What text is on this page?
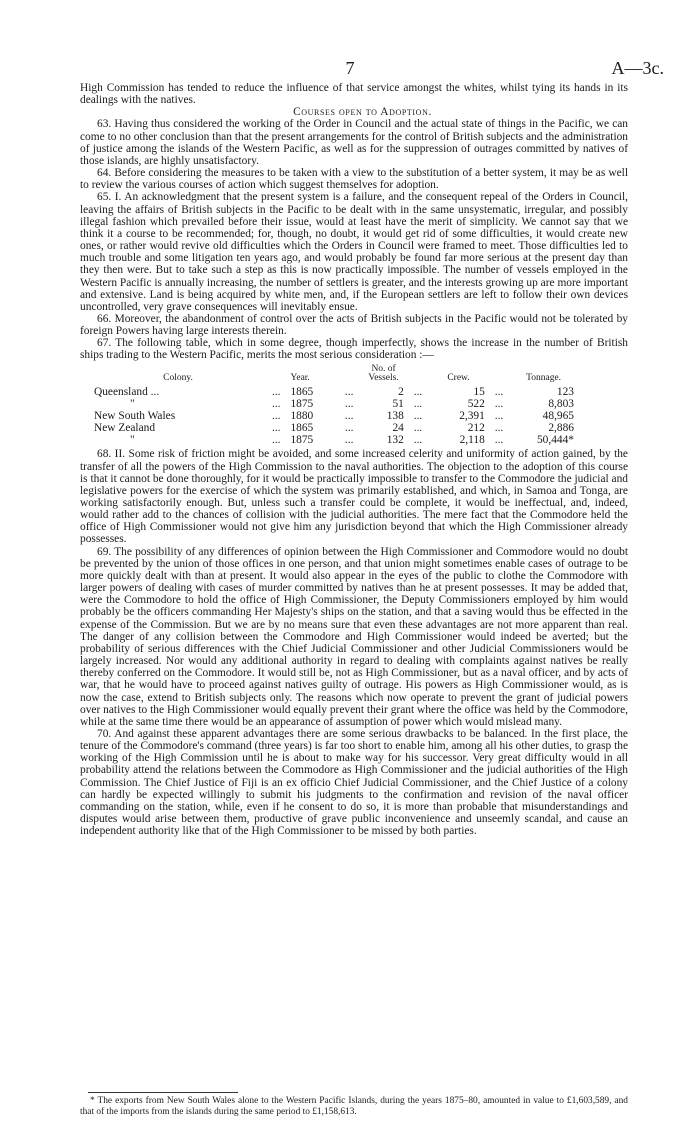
7	A—3c.

High Commission has tended to reduce the influence of that service amongst the whites, whilst tying its hands in its dealings with the natives.

Courses open to Adoption.

63. Having thus considered the working of the Order in Council and the actual state of things in the Pacific, we can come to no other conclusion than that the present arrangements for the control of British subjects and the administration of justice among the islands of the Western Pacific, as well as for the suppression of outrages committed by natives of those islands, are highly unsatisfactory.

64. Before considering the measures to be taken with a view to the substitution of a better system, it may be as well to review the various courses of action which suggest themselves for adoption.

65. I. An acknowledgment that the present system is a failure, and the consequent repeal of the Orders in Council, leaving the affairs of British subjects in the Pacific to be dealt with in the same unsystematic, irregular, and possibly illegal fashion which prevailed before their issue, would at least have the merit of simplicity. We cannot say that we think it a course to be recommended; for, though, no doubt, it would get rid of some difficulties, it would create new ones, or rather would revive old difficulties which the Orders in Council were framed to meet. Those difficulties led to much trouble and some litigation ten years ago, and would probably be found far more serious at the present day than they then were. But to take such a step as this is now practically impossible. The number of vessels employed in the Western Pacific is annually increasing, the number of settlers is greater, and the interests growing up are more important and extensive. Land is being acquired by white men, and, if the European settlers are left to follow their own devices uncontrolled, very grave consequences will inevitably ensue.

66. Moreover, the abandonment of control over the acts of British subjects in the Pacific would not be tolerated by foreign Powers having large interests therein.

67. The following table, which in some degree, though imperfectly, shows the increase in the number of British ships trading to the Western Pacific, merits the most serious consideration :—

Colony.		Year.		No. of Vessels.		Crew.		Tonnage.
Queensland ...	...	1865	...	2	...	15	...	123
"	...	1875	...	51	...	522	...	8,803
New South Wales	...	1880	...	138	...	2,391	...	48,965
New Zealand	...	1865	...	24	...	212	...	2,886
"	...	1875	...	132	...	2,118	...	50,444*

68. II. Some risk of friction might be avoided, and some increased celerity and uniformity of action gained, by the transfer of all the powers of the High Commission to the naval authorities. The objection to the adoption of this course is that it cannot be done thoroughly, for it would be practically impossible to transfer to the Commodore the judicial and legislative powers for the exercise of which the system was primarily established, and which, in Samoa and Tonga, are working satisfactorily enough. But, unless such a transfer could be complete, it would be ineffectual, and, indeed, would rather add to the chances of collision with the judicial authorities. The mere fact that the Commodore held the office of High Commissioner would not give him any jurisdiction beyond that which the High Commissioner already possesses.

69. The possibility of any differences of opinion between the High Commissioner and Commodore would no doubt be prevented by the union of those offices in one person, and that union might sometimes enable cases of outrage to be more quickly dealt with than at present. It would also appear in the eyes of the public to clothe the Commodore with larger powers of dealing with cases of murder committed by natives than he at present possesses. It may be added that, were the Commodore to hold the office of High Commissioner, the Deputy Commissioners employed by him would probably be the officers commanding Her Majesty's ships on the station, and that a saving would thus be effected in the expense of the Commission. But we are by no means sure that even these advantages are not more apparent than real. The danger of any collision between the Commodore and High Commissioner would indeed be averted; but the probability of serious differences with the Chief Judicial Commissioner and other Judicial Commissioners would be largely increased. Nor would any additional authority in regard to dealing with complaints against natives be really thereby conferred on the Commodore. It would still be, not as High Commissioner, but as a naval officer, and by acts of war, that he would have to proceed against natives guilty of outrage. His powers as High Commissioner would, as is now the case, extend to British subjects only. The reasons which now operate to prevent the grant of judicial powers over natives to the High Commissioner would equally prevent their grant where the office was held by the Commodore, while at the same time there would be an appearance of assumption of power which would mislead many.

70. And against these apparent advantages there are some serious drawbacks to be balanced. In the first place, the tenure of the Commodore's command (three years) is far too short to enable him, among all his other duties, to grasp the working of the High Commission until he is about to make way for his successor. Very great difficulty would in all probability attend the relations between the Commodore as High Commissioner and the judicial authorities of the High Commission. The Chief Justice of Fiji is an ex officio Chief Judicial Commissioner, and the Chief Justice of a colony can hardly be expected willingly to submit his judgments to the confirmation and revision of the naval officer commanding on the station, while, even if he consent to do so, it is more than probable that misunderstandings and disputes would arise between them, productive of grave public inconvenience and unseemly scandal, and cause an independent authority like that of the High Commissioner to be missed by both parties.

* The exports from New South Wales alone to the Western Pacific Islands, during the years 1875–80, amounted in value to £1,603,589, and that of the imports from the islands during the same period to £1,158,613.
